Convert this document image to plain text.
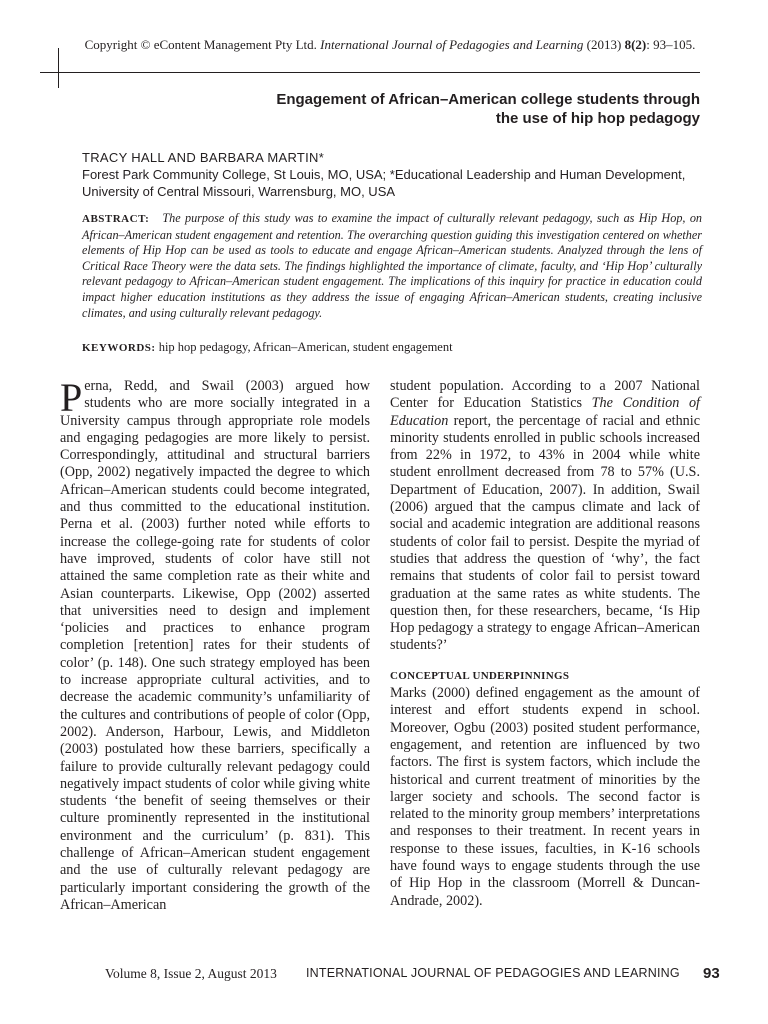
Copyright © eContent Management Pty Ltd. International Journal of Pedagogies and Learning (2013) 8(2): 93–105.
Engagement of African–American college students through
the use of hip hop pedagogy
TRACY HALL AND BARBARA MARTIN*
Forest Park Community College, St Louis, MO, USA; *Educational Leadership and Human Development, University of Central Missouri, Warrensburg, MO, USA
ABSTRACT: The purpose of this study was to examine the impact of culturally relevant pedagogy, such as Hip Hop, on African–American student engagement and retention. The overarching question guiding this investigation centered on whether elements of Hip Hop can be used as tools to educate and engage African–American students. Analyzed through the lens of Critical Race Theory were the data sets. The findings highlighted the importance of climate, faculty, and ‘Hip Hop’ culturally relevant pedagogy to African–American student engagement. The implications of this inquiry for practice in education could impact higher education institutions as they address the issue of engaging African–American students, creating inclusive climates, and using culturally relevant pedagogy.
KEYWORDS: hip hop pedagogy, African–American, student engagement

Perna, Redd, and Swail (2003) argued how students who are more socially integrated in a University campus through appropriate role models and engaging pedagogies are more likely to persist. Correspondingly, attitudinal and structural barriers (Opp, 2002) negatively impacted the degree to which African–American students could become integrated, and thus committed to the educational institution. Perna et al. (2003) further noted while efforts to increase the college-going rate for students of color have improved, students of color have still not attained the same completion rate as their white and Asian counterparts. Likewise, Opp (2002) asserted that universities need to design and implement ‘policies and practices to enhance program completion [retention] rates for their students of color’ (p. 148). One such strategy employed has been to increase appropriate cultural activities, and to decrease the academic community’s unfamiliarity of the cultures and contributions of people of color (Opp, 2002). Anderson, Harbour, Lewis, and Middleton (2003) postulated how these barriers, specifically a failure to provide culturally relevant pedagogy could negatively impact students of color while giving white students ‘the benefit of seeing themselves or their culture prominently represented in the institutional environment and the curriculum’ (p. 831). This challenge of African–American student engagement and the use of culturally relevant pedagogy are particularly important considering the growth of the African–American

student population. According to a 2007 National Center for Education Statistics The Condition of Education report, the percentage of racial and ethnic minority students enrolled in public schools increased from 22% in 1972, to 43% in 2004 while white student enrollment decreased from 78 to 57% (U.S. Department of Education, 2007). In addition, Swail (2006) argued that the campus climate and lack of social and academic integration are additional reasons students of color fail to persist. Despite the myriad of studies that address the question of ‘why’, the fact remains that students of color fail to persist toward graduation at the same rates as white students. The question then, for these researchers, became, ‘Is Hip Hop pedagogy a strategy to engage African–American students?’

CONCEPTUAL UNDERPINNINGS

Marks (2000) defined engagement as the amount of interest and effort students expend in school. Moreover, Ogbu (2003) posited student performance, engagement, and retention are influenced by two factors. The first is system factors, which include the historical and current treatment of minorities by the larger society and schools. The second factor is related to the minority group members’ interpretations and responses to their treatment. In recent years in response to these issues, faculties, in K-16 schools have found ways to engage students through the use of Hip Hop in the classroom (Morrell & Duncan-Andrade, 2002).

Volume 8, Issue 2, August 2013 INTERNATIONAL JOURNAL OF PEDAGOGIES AND LEARNING 93
